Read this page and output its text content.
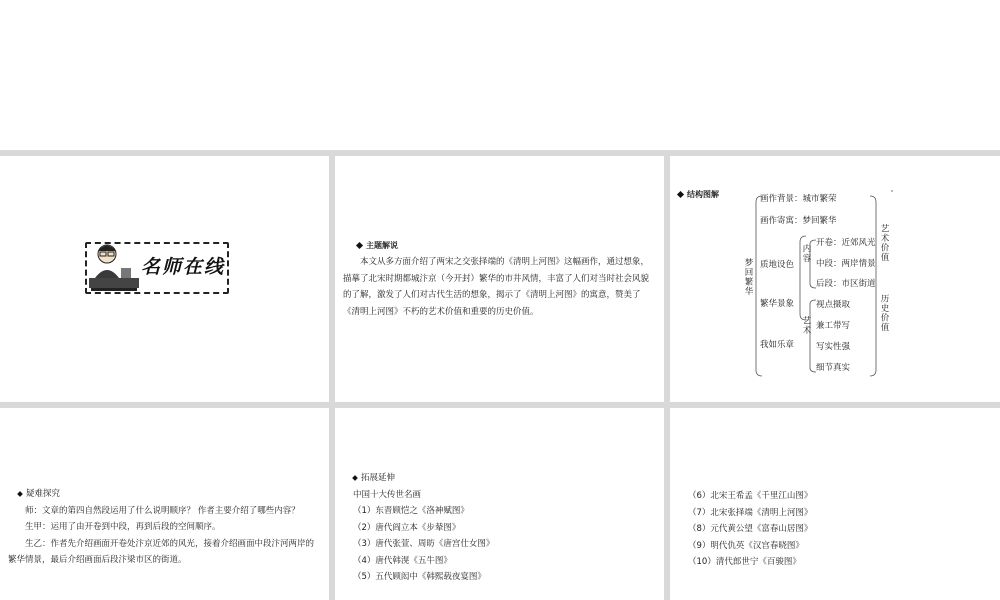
名师在线
主题解说
本文从多方面介绍了两宋之交张择端的《清明上河图》这幅画作，通过想象，描摹了北宋时期都城汴京（今开封）繁华的市井风情，丰富了人们对当时社会风貌的了解，激发了人们对古代生活的想象，揭示了《清明上河图》的寓意，赞美了《清明上河图》不朽的艺术价值和重要的历史价值。
结构图解
梦回繁华
画作背景：城市繁荣
画作寄寓：梦回繁华
质地设色
繁华景象
我如乐章
内容
艺术
开卷：近郊风光
中段：两岸情景
后段：市区街道
视点摄取
兼工带写
写实性强
细节真实
艺术价值
历史价值
疑难探究
师：文章的第四自然段运用了什么说明顺序？ 作者主要介绍了哪些内容？
生甲：运用了由开卷到中段，再到后段的空间顺序。
生乙：作者先介绍画面开卷处汴京近郊的风光，接着介绍画面中段汴河两岸的繁华情景，最后介绍画面后段汴梁市区的街道。
拓展延伸
中国十大传世名画
（1）东晋顾恺之《洛神赋图》
（2）唐代阎立本《步辇图》
（3）唐代张萱、周昉《唐宫仕女图》
（4）唐代韩滉《五牛图》
（5）五代顾闳中《韩熙载夜宴图》
（6）北宋王希孟《千里江山图》
（7）北宋张择端《清明上河图》
（8）元代黄公望《富春山居图》
（9）明代仇英《汉宫春晓图》
（10）清代郎世宁《百骏图》
